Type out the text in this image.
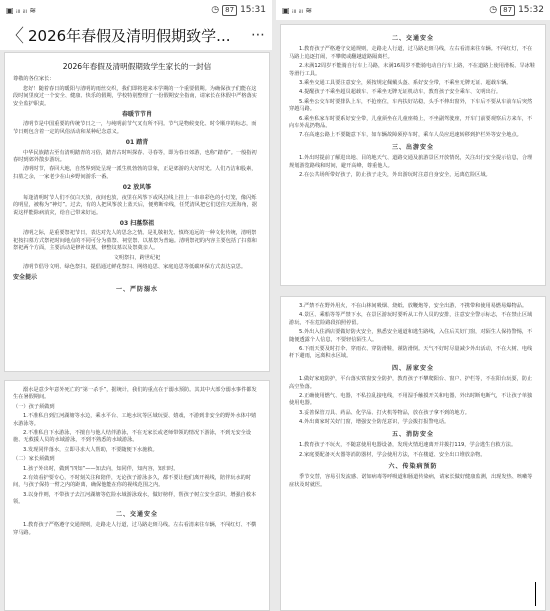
▣ ᵢₗₗ ᵢₗₗ ≋	◷ 87 15:31 ▣ ᵢₗₗ ᵢₗₗ ≋	◷ 87 15:32
〈 2026年春假及清明假期致学... ⋯
2026年春假及清明假期致学生家长的一封信

尊敬的各位家长：

您好！随着春日的暖阳与清明的雨丝交织，我们即将迎来本学期的一个重要假期。为确保孩子们能在这段时间里度过一个安全、健康、快乐的假期，学校特别整理了一份假期安全指南，请家长在休假中严格落实安全监护职责。

春暖节节肖

清明节是中国重要的传统节日之一，与纯明前节气叉有所不同。节气是物候变化、时令顺序的标志，而节日则包含着一定的风俗活动和某种纪念意义。

01 踏青

中华民族踏古至有清明踏青的习俗，踏青古时叫探春、寻春等，即为春日郊游，也称“踏春”。一般指初春时到郊外散步游玩。

清明时节，春回大地，自然界到处呈现一派生机勃勃的景象，正是郊游的大好时光。人们乃洁和股素，扫墓之余，一家老少在山乡野间游乐一番。

02 放风筝

每逢清明时节人们不仅白天放，夜间也放，夜里在风筝下或风拉线上挂上一串串彩色的小灯笼，像闪烁的明星，被称为“神灯”。过去，有的人把风筝放上蓝天后，便剪断牵线，任凭清风把它们送往天涯海角，据说这样能除病消灾，给自己带来好运。

03 扫墓祭祖

清明之际，是重要祭祀节日，表达对先人的思念之情。是礼敬祖先、慎终追远的一种文化传统，清明祭祀按扫墓方式祭祀时间地点的不同可分为墓祭、祠堂祭、以墓祭为普遍。清明祭祀的内容主要包括了扫墓和祭祀两个方面，主要活动是修补坟墓，修整坟墓以及祭奠亲人。

文明祭扫，跨世纪祀

清明节倡导文明、绿色祭扫，提倡通过鲜花祭扫、网络追思、家庭追思等低碳环保方式表达哀思。

安全提示

一、严防溺水

溺水是意少年意外死亡的“第一杀手”，据统计，我们的重点在于溺水预防。其其中大部分溺水事件都发生在暑假期间。

（一）孩子须做到

1.不准私自到江河湖塘等水边，乘水平台、工地水坑等区域玩耍、嬉戏，不游到非安全的野外水体中嬉水游泳等。

2.不准私自下水游泳，不擅自与他人结伴游泳，不在无家长或老师带领的情况下游泳，不到无安全设施、无救援人员的水域游泳，不到不熟悉的水域游泳。

3.发现同伴落水，立即寻求大人帮助，不要随便下水施救。

（二）家长须做到

1.孩子外出时，做到“四知”——知去向，知同伴，知内容，知归时。

2.有效看护要专心，不时刻关注和陪伴，无论孩子游泳多久，都不要让他们离开视线，陪伴玩水的时间，与孩子保持一臂之内的距离，确保他能在你的视线范围之内。

3.以身作则，不带孩子去江河湖塘等危险水域游泳戏水，做好榜样，帮孩子树立安全意识，增强自救本领。

二、交通安全

1.教育孩子严格遵守交通规则，走路走人行道，过马路走斑马线。左右看清来往车辆，不闯红灯、不横穿马路。

二、交通安全

1.教育孩子严格遵守交通规则，走路走人行道，过马路走斑马线，左右看清来往车辆。不闯红灯，不在马路上追逐打闹，不攀爬或翻越道路隔离栏。

2.未满12周岁不能骑自行车上马路，未满16周岁不能骑电动自行车上路，不在道路上使用滑板、旱冰鞋等滑行工具。

3.乘坐交通工具要注意安全，须按规定佩戴头盔、系好安全带，不乘坐无牌无证、超载车辆。

4.提醒孩子不乘坐超员超载车、不乘坐无牌无证机动车，教育孩子安全乘车、文明出行。

5.乘坐公交车时要排队上车，不抢座位，车内扶好站稳，头手不伸出窗外，下车后不要从车前车后突然穿越马路。

6.乘坐私家车时要系好安全带，儿童须坐在儿童座椅上，不坐副驾驶座，开车门前要观察后方来车，不向车外乱扔物品。

7.在高速公路上不要随意下车，如车辆故障须停车时，乘车人员应迅速转移到护栏外等安全地点。

三、出游安全

1.外出时提前了解进出地、目的地天气、道路交通及旅游景区开放情况，关注出行安全提示信息，合理规划游览路线和时间，避开高峰，尊重他人。

2.在公共场所带好孩子，防止孩子走失，外出游玩时注意自身安全，远离危险区域。

3.严禁不在野外用火，不在山林间吸烟、烧纸、放鞭炮等，安全出游，不携带和使用易燃易爆物品。

4.景区、乘船等等严禁下水，在景区游玩时要听从工作人员的安排，注意安全警示标志，不在禁止区域游玩，不在危险路段拍照停留。

5.外出入住酒店要做好防火安全，熟悉安全通道和逃生路线，入住后关好门窗，对陌生人保持警惕，不随便透露个人信息，不要轻信陌生人。

6.下雨天要及时打伞、穿雨衣、穿防滑鞋，谨防滑倒。天气不好时尽量减少外出活动，不在大树、电线杆下避雨，远离积水区域。

四、居家安全

1.做好家庭防护，平台落实铁窗安全防护，教育孩子不攀爬阳台、窗户、护栏等，不在阳台玩耍，防止高空坠落。

2.正确使用燃气、电器，不私拉乱接电线，不用湿手触摸开关和电器，外出时断电断气，不让孩子单独使用电器。

3.妥善保管刀具、药品、化学品、打火机等物品，放在孩子拿不到的地方。

4.外出离家时关好门窗，增强安全防范意识，学会拨打报警电话。

五、消防安全

1.教育孩子不玩火，不随意使用电器设备，发现火情迅速离开并拨打119，学会逃生自救方法。

2.家庭要配备灭火器等消防器材，学会使用方法，不在楼道、安全出口堆放杂物。

六、传染病预防

季节交替，容易引发流感、诺如病毒等呼吸道和肠道传染病，请家长做好健康监测，出现发热、咳嗽等症状及时就医。
